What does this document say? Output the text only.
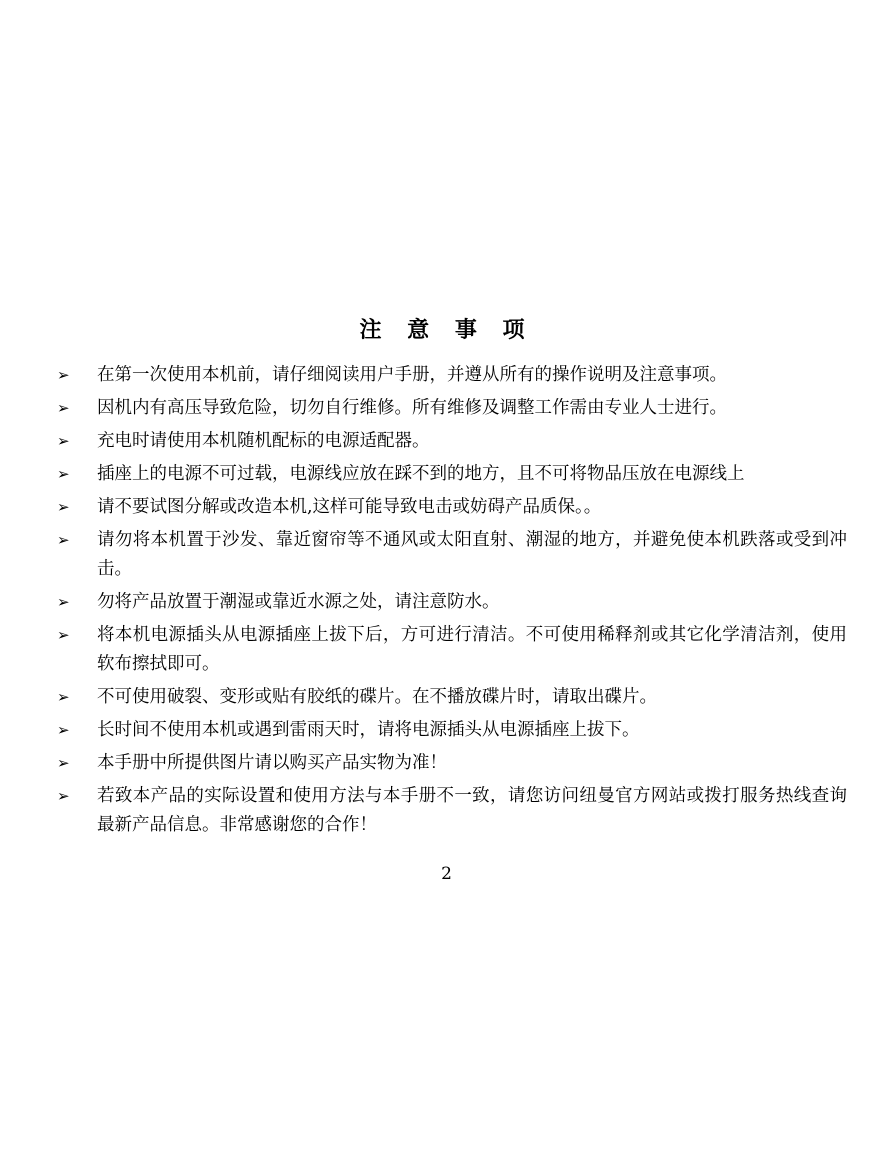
注 意 事 项
➢	在第一次使用本机前，请仔细阅读用户手册，并遵从所有的操作说明及注意事项。
➢	因机内有高压导致危险，切勿自行维修。所有维修及调整工作需由专业人士进行。
➢	充电时请使用本机随机配标的电源适配器。
➢	插座上的电源不可过载，电源线应放在踩不到的地方，且不可将物品压放在电源线上
➢	请不要试图分解或改造本机,这样可能导致电击或妨碍产品质保。。
➢	请勿将本机置于沙发、靠近窗帘等不通风或太阳直射、潮湿的地方，并避免使本机跌落或受到冲击。
➢	勿将产品放置于潮湿或靠近水源之处，请注意防水。
➢	将本机电源插头从电源插座上拔下后，方可进行清洁。不可使用稀释剂或其它化学清洁剂，使用软布擦拭即可。
➢	不可使用破裂、变形或贴有胶纸的碟片。在不播放碟片时，请取出碟片。
➢	长时间不使用本机或遇到雷雨天时，请将电源插头从电源插座上拔下。
➢	本手册中所提供图片请以购买产品实物为准！
➢	若致本产品的实际设置和使用方法与本手册不一致，请您访问纽曼官方网站或拨打服务热线查询最新产品信息。非常感谢您的合作！
2
